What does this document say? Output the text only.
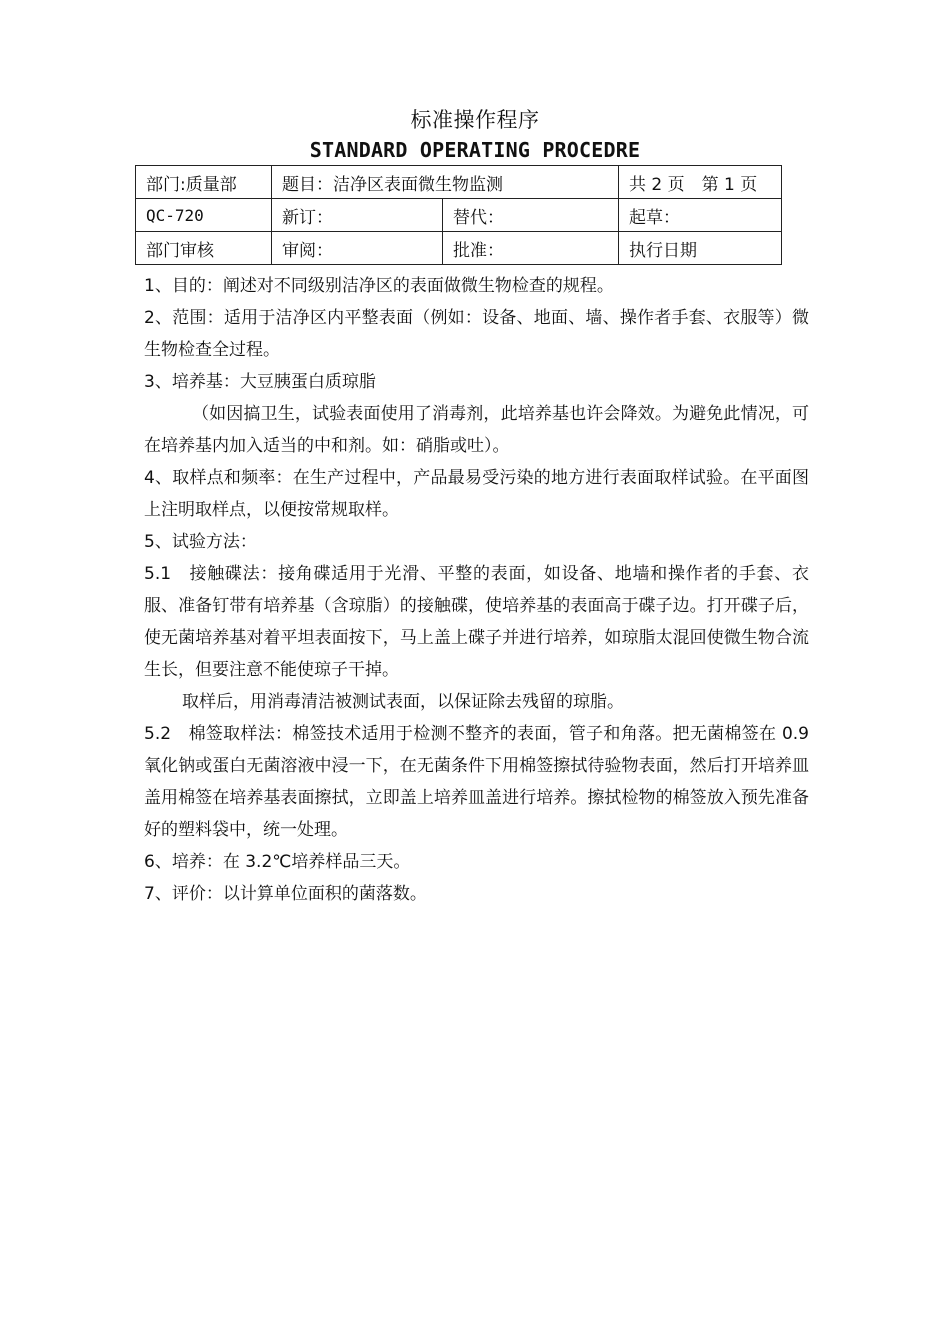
标准操作程序
STANDARD OPERATING PROCEDRE
部门:质量部	题目：洁净区表面微生物监测		共 2 页　第 1 页
QC-720	新订：	替代：	起草：
部门审核	审阅：	批准：	执行日期

1、目的：阐述对不同级别洁净区的表面做微生物检查的规程。

2、范围：适用于洁净区内平整表面（例如：设备、地面、墙、操作者手套、衣服等）微生物检查全过程。

3、培养基：大豆胰蛋白质琼脂

（如因搞卫生，试验表面使用了消毒剂，此培养基也许会降效。为避免此情况，可在培养基内加入适当的中和剂。如：硝脂或吐）。

4、取样点和频率：在生产过程中，产品最易受污染的地方进行表面取样试验。在平面图上注明取样点，以便按常规取样。

5、试验方法：

5.1　接触碟法：接角碟适用于光滑、平整的表面，如设备、地墙和操作者的手套、衣服、准备钉带有培养基（含琼脂）的接触碟，使培养基的表面高于碟子边。打开碟子后，使无菌培养基对着平坦表面按下，马上盖上碟子并进行培养，如琼脂太混回使微生物合流生长，但要注意不能使琼子干掉。

取样后，用消毒清洁被测试表面，以保证除去残留的琼脂。

5.2　棉签取样法：棉签技术适用于检测不整齐的表面，管子和角落。把无菌棉签在 0.9 氧化钠或蛋白无菌溶液中浸一下，在无菌条件下用棉签擦拭待验物表面，然后打开培养皿盖用棉签在培养基表面擦拭，立即盖上培养皿盖进行培养。擦拭检物的棉签放入预先准备好的塑料袋中，统一处理。

6、培养：在 3.2℃培养样品三天。

7、评价：以计算单位面积的菌落数。
